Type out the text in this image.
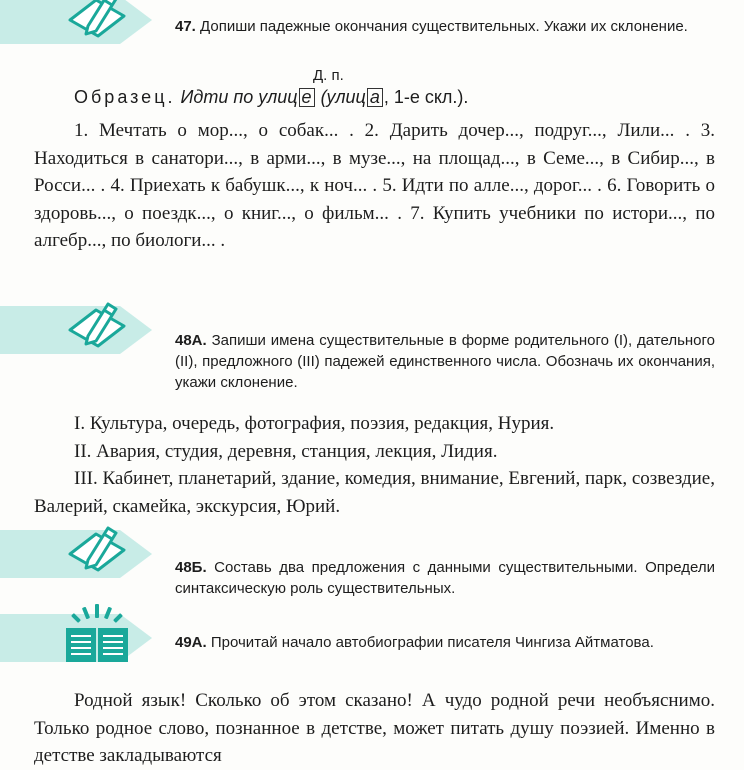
47. Допиши падежные окончания существительных. Укажи их склонение.
Д. п.
Образец. Идти по улиц е (улиц а , 1-е скл.).
1. Мечтать о мор..., о собак... . 2. Дарить дочер..., подруг..., Лили... . 3. Находиться в санатори..., в арми..., в музе..., на площад..., в Семе..., в Сибир..., в Росси... . 4. Приехать к бабушк..., к ноч... . 5. Идти по алле..., дорог... . 6. Говорить о здоровь..., о поездк..., о книг..., о фильм... . 7. Купить учебники по истори..., по алгебр..., по биологи... .
48А. Запиши имена существительные в форме родительного (I), дательного (II), предложного (III) падежей единственного числа. Обозначь их окончания, укажи склонение.
I. Культура, очередь, фотография, поэзия, редакция, Нурия.
II. Авария, студия, деревня, станция, лекция, Лидия.
III. Кабинет, планетарий, здание, комедия, внимание, Евгений, парк, созвездие, Валерий, скамейка, экскурсия, Юрий.
48Б. Составь два предложения с данными существительными. Определи синтаксическую роль существительных.
49А. Прочитай начало автобиографии писателя Чингиза Айтматова.
Родной язык! Сколько об этом сказано! А чудо родной речи необъяснимо. Только родное слово, познанное в детстве, может питать душу поэзией. Именно в детстве закладываются
